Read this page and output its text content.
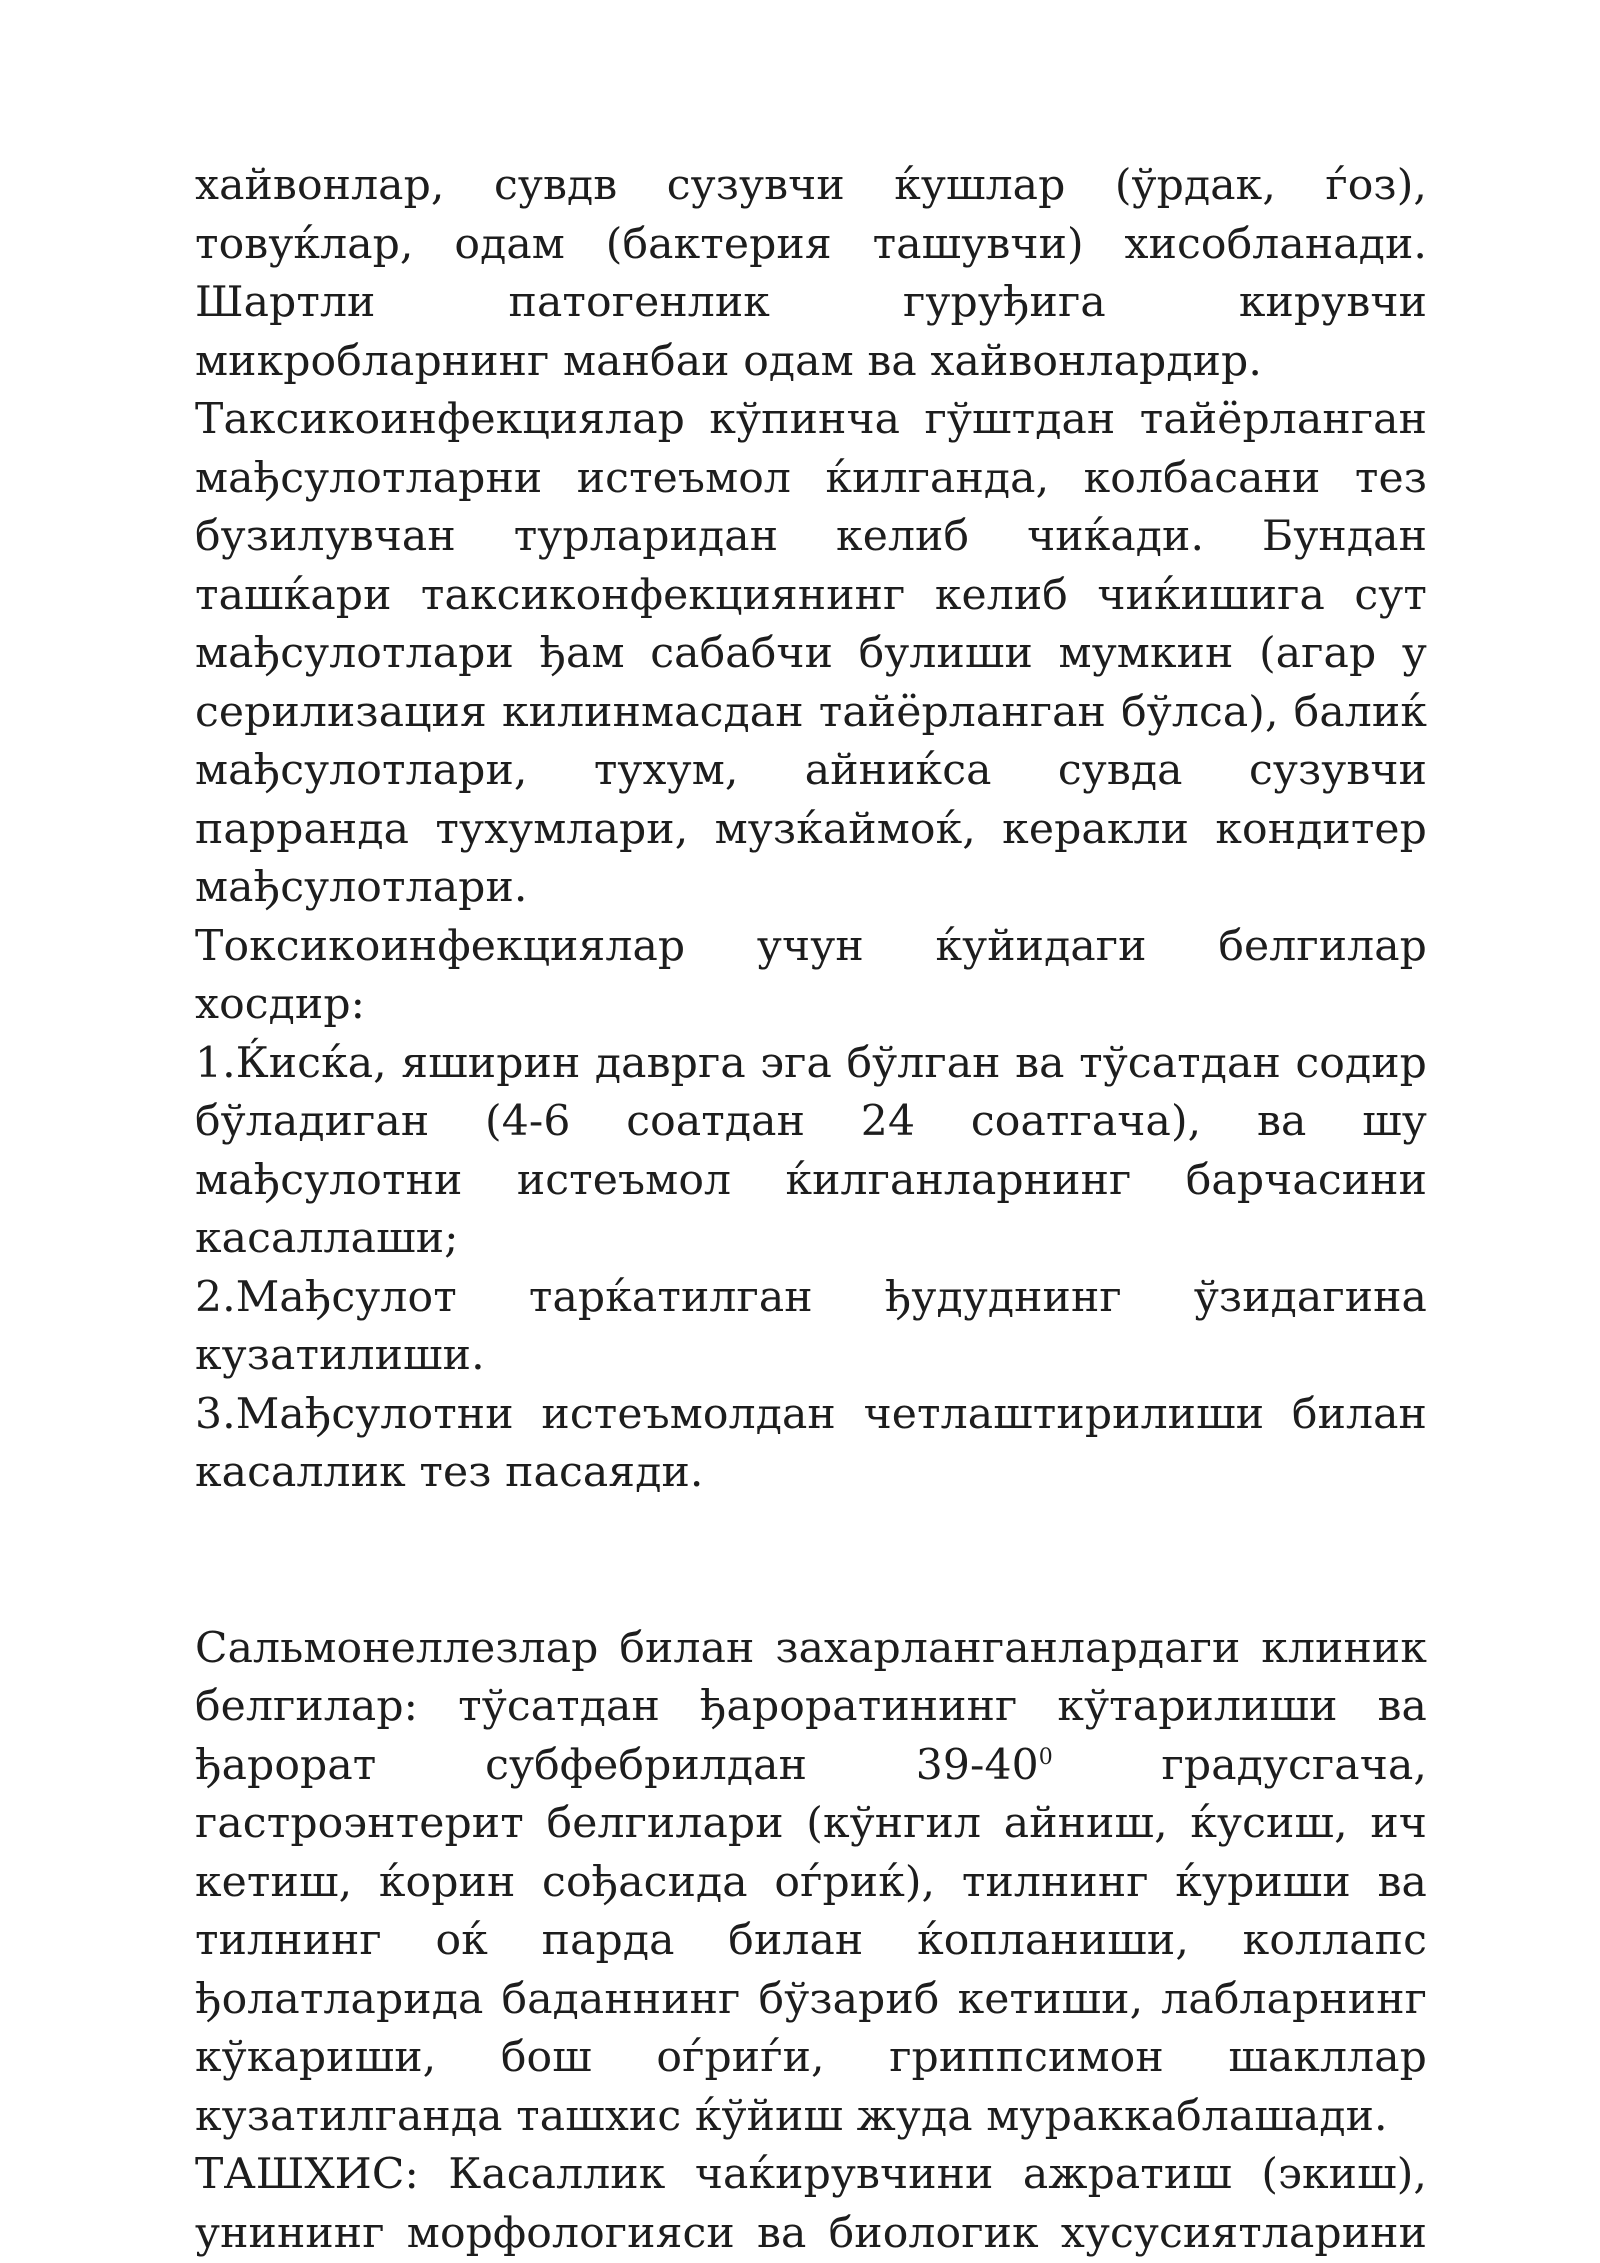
хайвонлар, сувдв сузувчи ќушлар (ўрдак, ѓоз), товуќлар, одам (бактерия ташувчи) хисобланади. Шартли патогенлик гуруђига кирувчи микробларнинг манбаи одам ва хайвонлардир.

Таксикоинфекциялар кўпинча гўштдан тайёрланган мађсулотларни истеъмол ќилганда, колбасани тез бузилувчан турларидан келиб чиќади. Бундан ташќари таксиконфекциянинг келиб чиќишига сут мађсулотлари ђам сабабчи булиши мумкин (агар у серилизация килинмасдан тайёрланган бўлса), балиќ мађсулотлари, тухум, айниќса сувда сузувчи парранда тухумлари, музќаймоќ, керакли кондитер мађсулотлари.

Токсикоинфекциялар учун ќуйидаги белгилар хосдир:

1.Ќисќа, яширин даврга эга бўлган ва тўсатдан содир бўладиган (4-6 соатдан 24 соатгача), ва шу мађсулотни истеъмол ќилганларнинг барчасини касаллаши;

2.Мађсулот тарќатилган ђудуднинг ўзидагина кузатилиши.

3.Мађсулотни истеъмолдан четлаштирилиши билан касаллик тез пасаяди.

Сальмонеллезлар билан захарланганлардаги клиник белгилар: тўсатдан ђароратининг кўтарилиши ва ђарорат субфебрилдан $39-40^0$ градусгача, гастроэнтерит белгилари (кўнгил айниш, ќусиш, ич кетиш, ќорин сођасида оѓриќ), тилнинг ќуриши ва тилнинг оќ парда билан ќопланиши, коллапс ђолатларида баданнинг бўзариб кетиши, лабларнинг кўкариши, бош оѓриѓи, гриппсимон шакллар кузатилганда ташхис ќўйиш жуда мураккаблашади.

ТАШХИС: Касаллик чаќирувчини ажратиш (экиш), унининг морфологияси ва биологик хусусиятларини
